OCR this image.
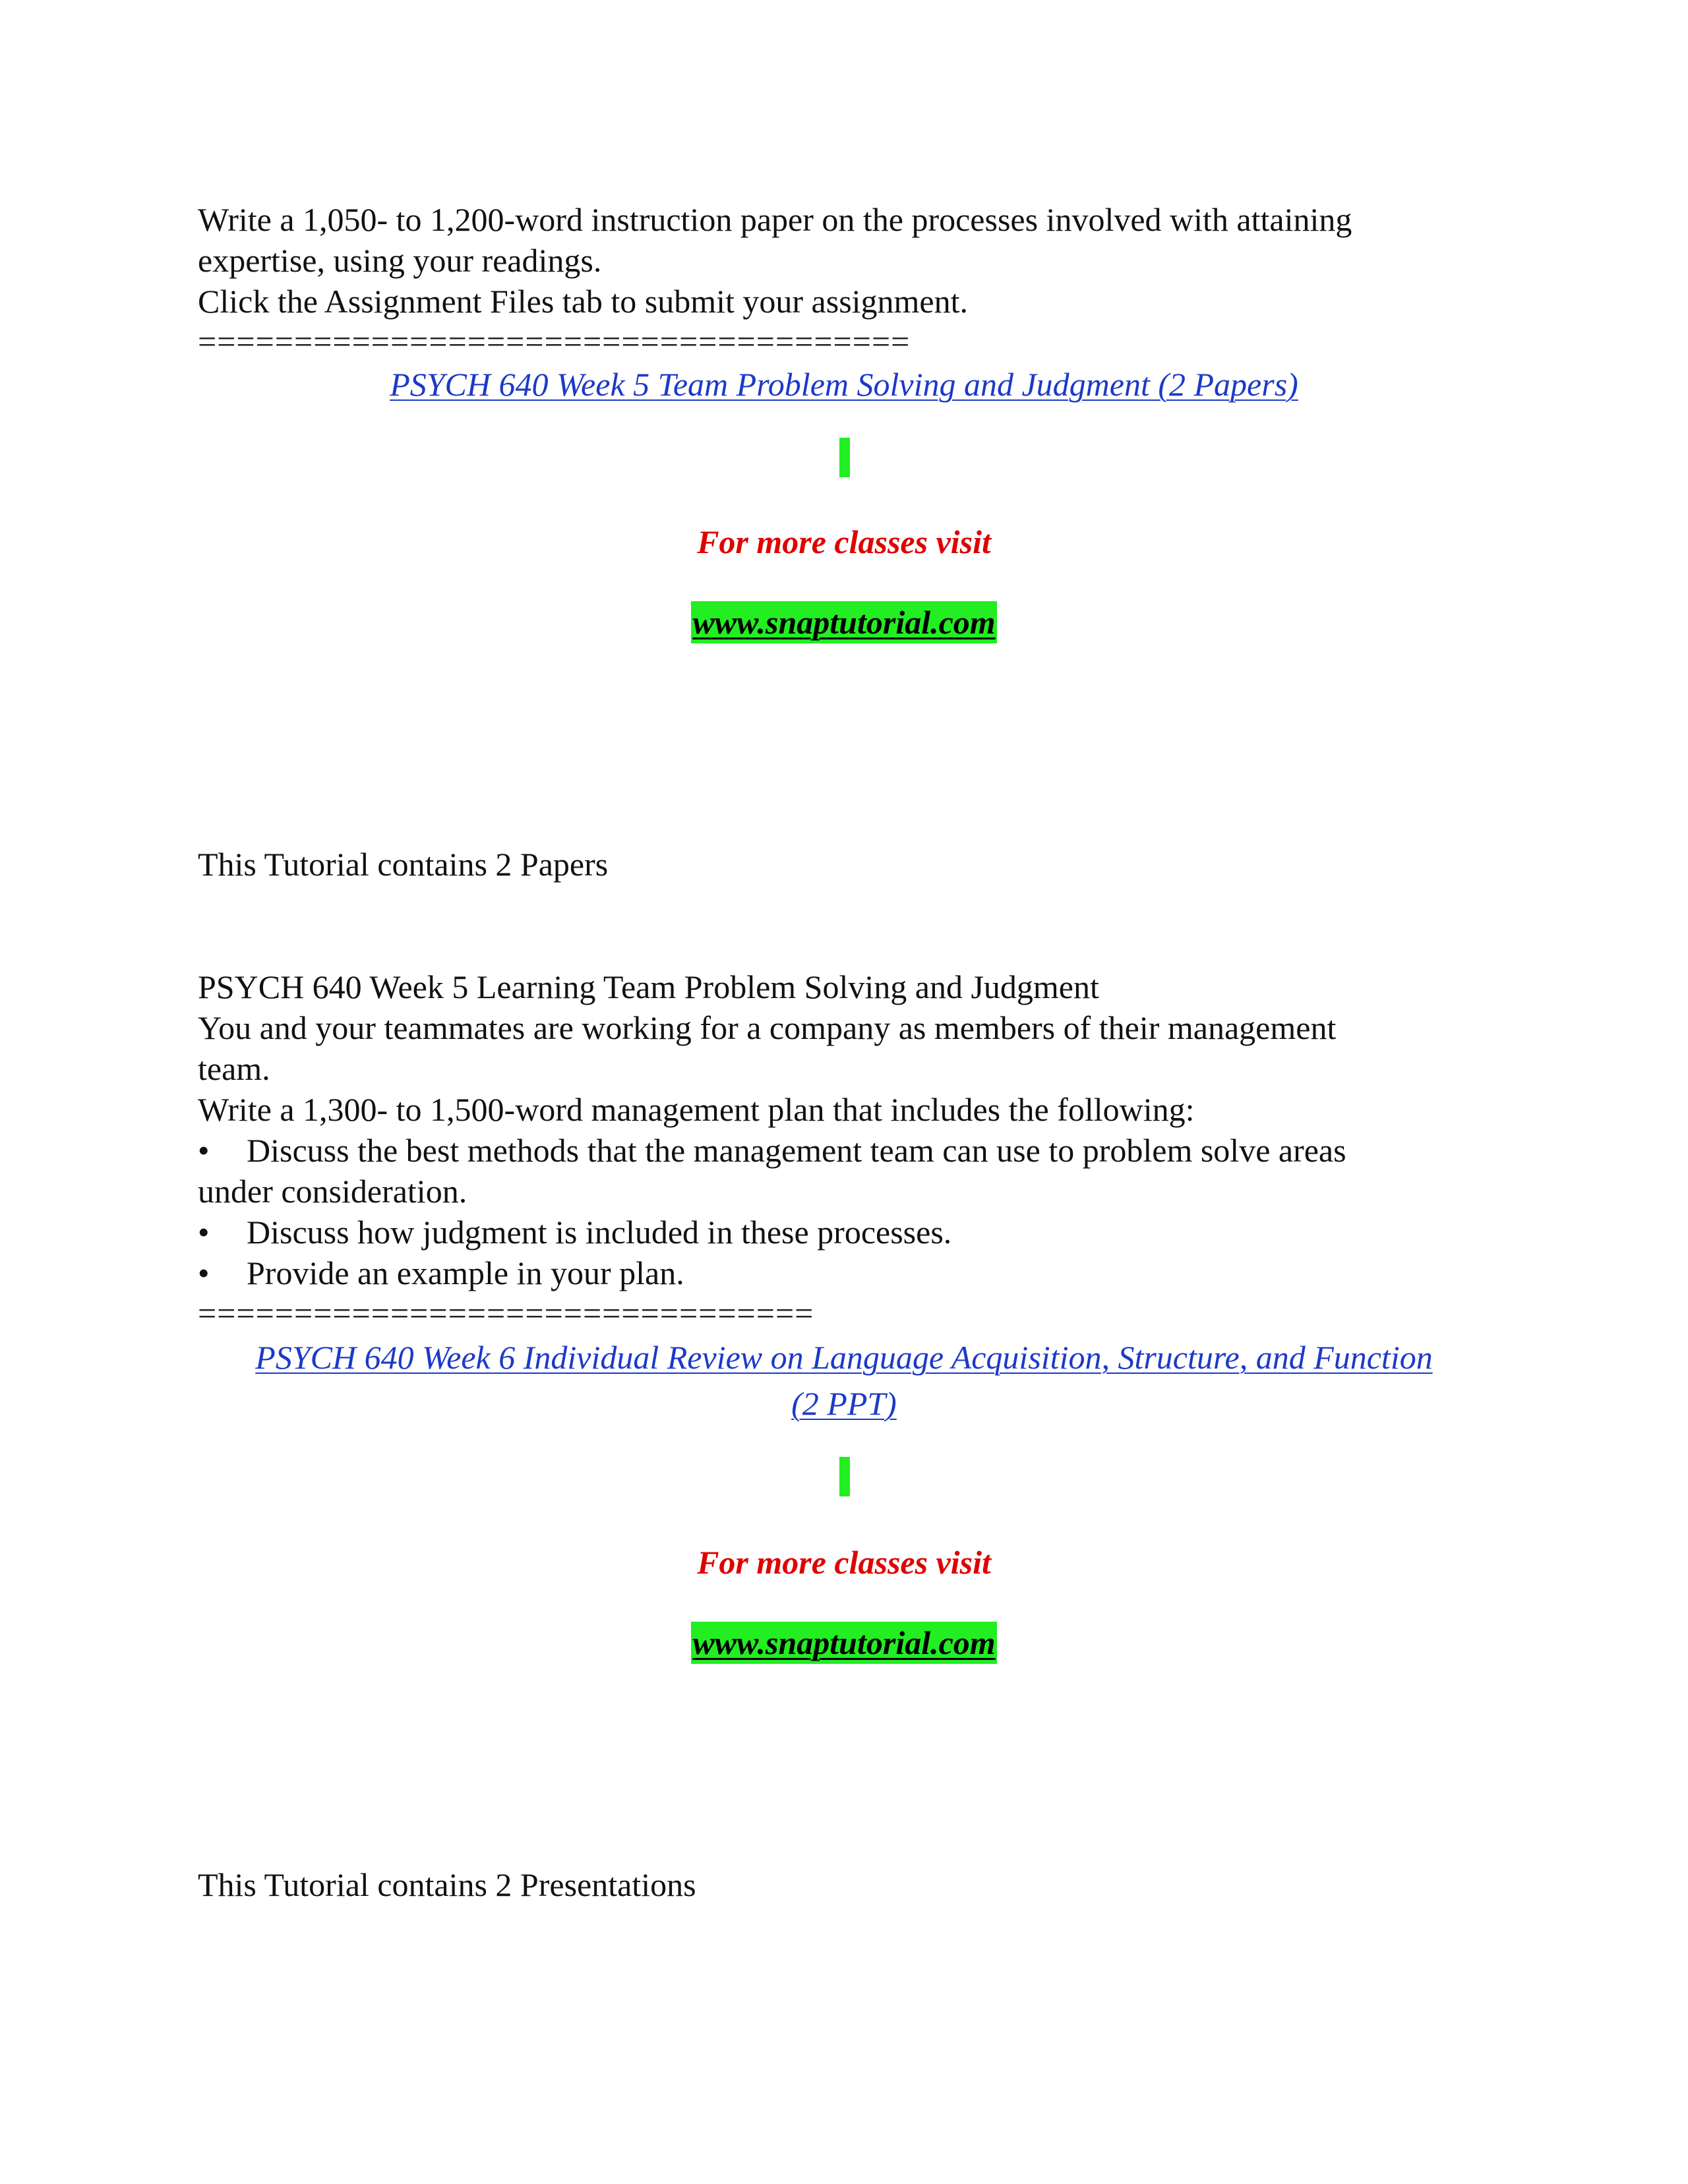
Write a 1,050- to 1,200-word instruction paper on the processes involved with attaining
expertise, using your readings.
Click the Assignment Files tab to submit your assignment.
=====================================
PSYCH 640 Week 5 Team Problem Solving and Judgment (2 Papers)
For more classes visit
www.snaptutorial.com
This Tutorial contains 2 Papers
PSYCH 640 Week 5 Learning Team Problem Solving and Judgment
You and your teammates are working for a company as members of their management
team.
Write a 1,300- to 1,500-word management plan that includes the following:
• Discuss the best methods that the management team can use to problem solve areas
under consideration.
• Discuss how judgment is included in these processes.
• Provide an example in your plan.
================================
PSYCH 640 Week 6 Individual Review on Language Acquisition, Structure, and Function
(2 PPT)
For more classes visit
www.snaptutorial.com
This Tutorial contains 2 Presentations
